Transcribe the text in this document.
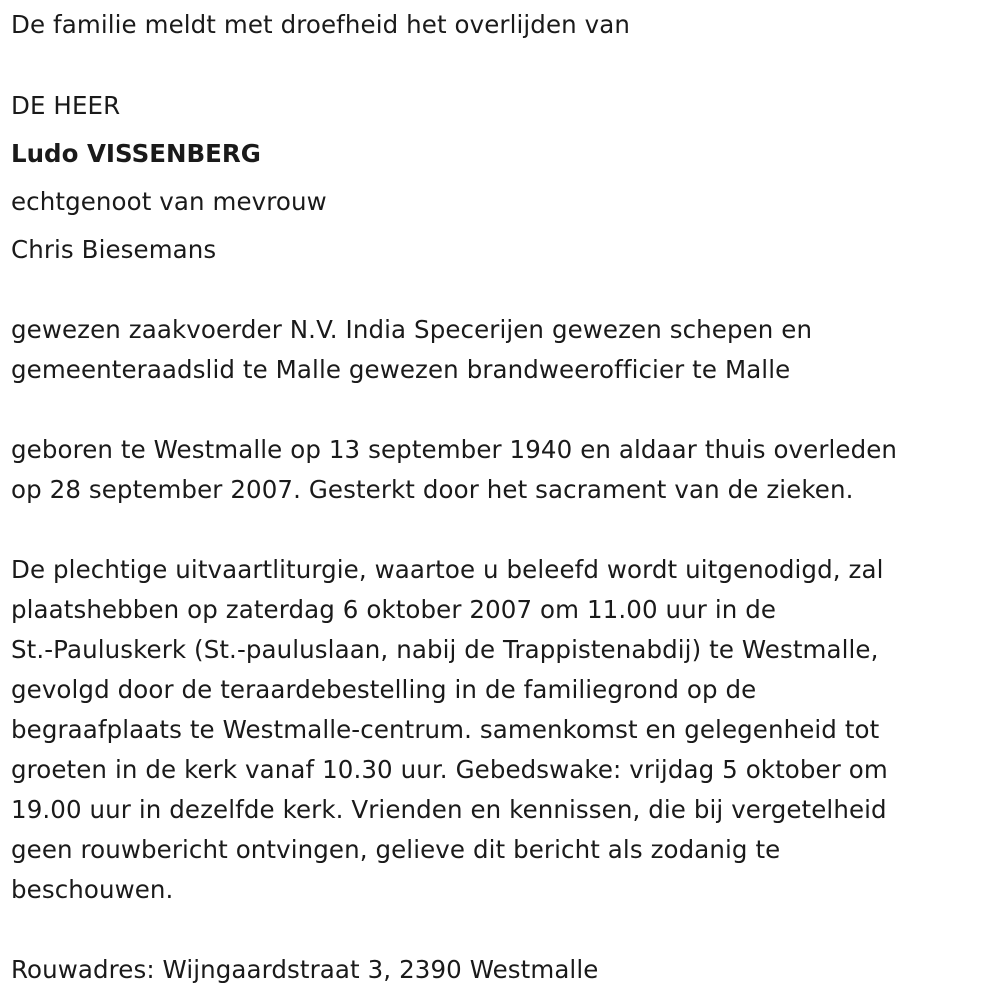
De familie meldt met droefheid het overlijden van
DE HEER
Ludo VISSENBERG
echtgenoot van mevrouw
Chris Biesemans
gewezen zaakvoerder N.V. India Specerijen gewezen schepen en
gemeenteraadslid te Malle gewezen brandweerofficier te Malle
geboren te Westmalle op 13 september 1940 en aldaar thuis overleden
op 28 september 2007. Gesterkt door het sacrament van de zieken.
De plechtige uitvaartliturgie, waartoe u beleefd wordt uitgenodigd, zal
plaatshebben op zaterdag 6 oktober 2007 om 11.00 uur in de
St.-Pauluskerk (St.-pauluslaan, nabij de Trappistenabdij) te Westmalle,
gevolgd door de teraardebestelling in de familiegrond op de
begraafplaats te Westmalle-centrum. samenkomst en gelegenheid tot
groeten in de kerk vanaf 10.30 uur. Gebedswake: vrijdag 5 oktober om
19.00 uur in dezelfde kerk. Vrienden en kennissen, die bij vergetelheid
geen rouwbericht ontvingen, gelieve dit bericht als zodanig te
beschouwen.
Rouwadres: Wijngaardstraat 3, 2390 Westmalle
